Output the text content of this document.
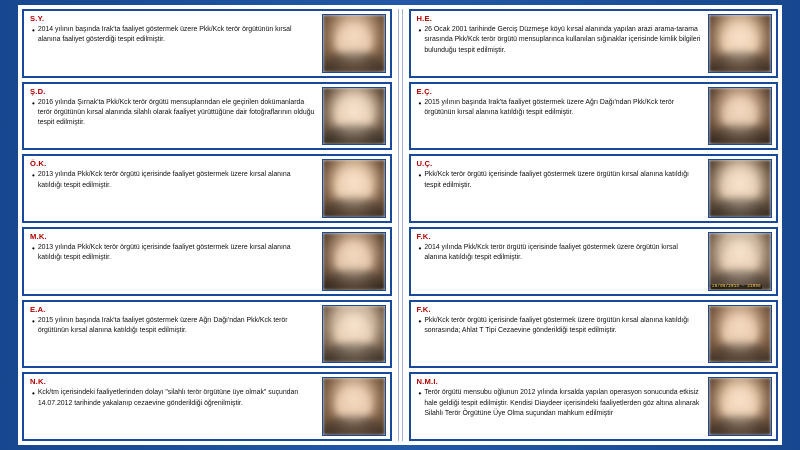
S.Y.
• 2014 yılının başında Irak'ta faaliyet göstermek üzere Pkk/Kck terör örgütünün kırsal alanına faaliyet gösterdiği tespit edilmiştir.
Ş.D.
• 2016 yılında Şırnak'ta Pkk/Kck terör örgütü mensuplarından ele geçirilen dokümanlarda terör örgütünün kırsal alanında silahlı olarak faaliyet yürüttüğüne dair fotoğraflarının olduğu tespit edilmiştir.
Ö.K.
• 2013 yılında Pkk/Kck terör örgütü içerisinde faaliyet göstermek üzere kırsal alanına katıldığı tespit edilmiştir.
M.K.
• 2013 yılında Pkk/Kck terör örgütü içerisinde faaliyet göstermek üzere kırsal alanına katıldığı tespit edilmiştir.
E.A.
• 2015 yılının başında Irak'ta faaliyet göstermek üzere Ağrı Dağı'ndan Pkk/Kck terör örgütünün kırsal alanına katıldığı tespit edilmiştir.
N.K.
• Kck/tm içerisindeki faaliyetlerinden dolayı "silahlı terör örgütüne üye olmak" suçundan 14.07.2012 tarihinde yakalanıp cezaevine gönderildiği öğrenilmiştir.
H.E.
• 26 Ocak 2001 tarihinde Gerciş Düzmeşe köyü kırsal alanında yapılan arazi arama-tarama sırasında Pkk/Kck terör örgütü mensuplarınca kullanılan sığınaklar içerisinde kimlik bilgileri bulunduğu tespit edilmiştir.
E.Ç.
• 2015 yılının başında Irak'ta faaliyet göstermek üzere Ağrı Dağı'ndan Pkk/Kck terör örgütünün kırsal alanına katıldığı tespit edilmiştir.
U.Ç.
• Pkk/Kck terör örgütü içerisinde faaliyet göstermek üzere örgütün kırsal alanına katıldığı tespit edilmiştir.
F.K.
• 2014 yılında Pkk/Kck terör örgütü içerisinde faaliyet göstermek üzere örgütün kırsal alanına katıldığı tespit edilmiştir.
28/06/2014 - 23096
F.K.
• Pkk/Kck terör örgütü içerisinde faaliyet göstermek üzere örgütün kırsal alanına katıldığı sonrasında; Ahlat T Tipi Cezaevine gönderildiği tespit edilmiştir.
N.M.I.
• Terör örgütü mensubu oğlunun 2012 yılında kırsalda yapılan operasyon sonucunda etkisiz hale geldiği tespit edilmiştir. Kendisi Diaydeer içerisindeki faaliyetlerden göz altına alınarak Silahlı Terör Örgütüne Üye Olma suçundan mahkum edilmiştir
